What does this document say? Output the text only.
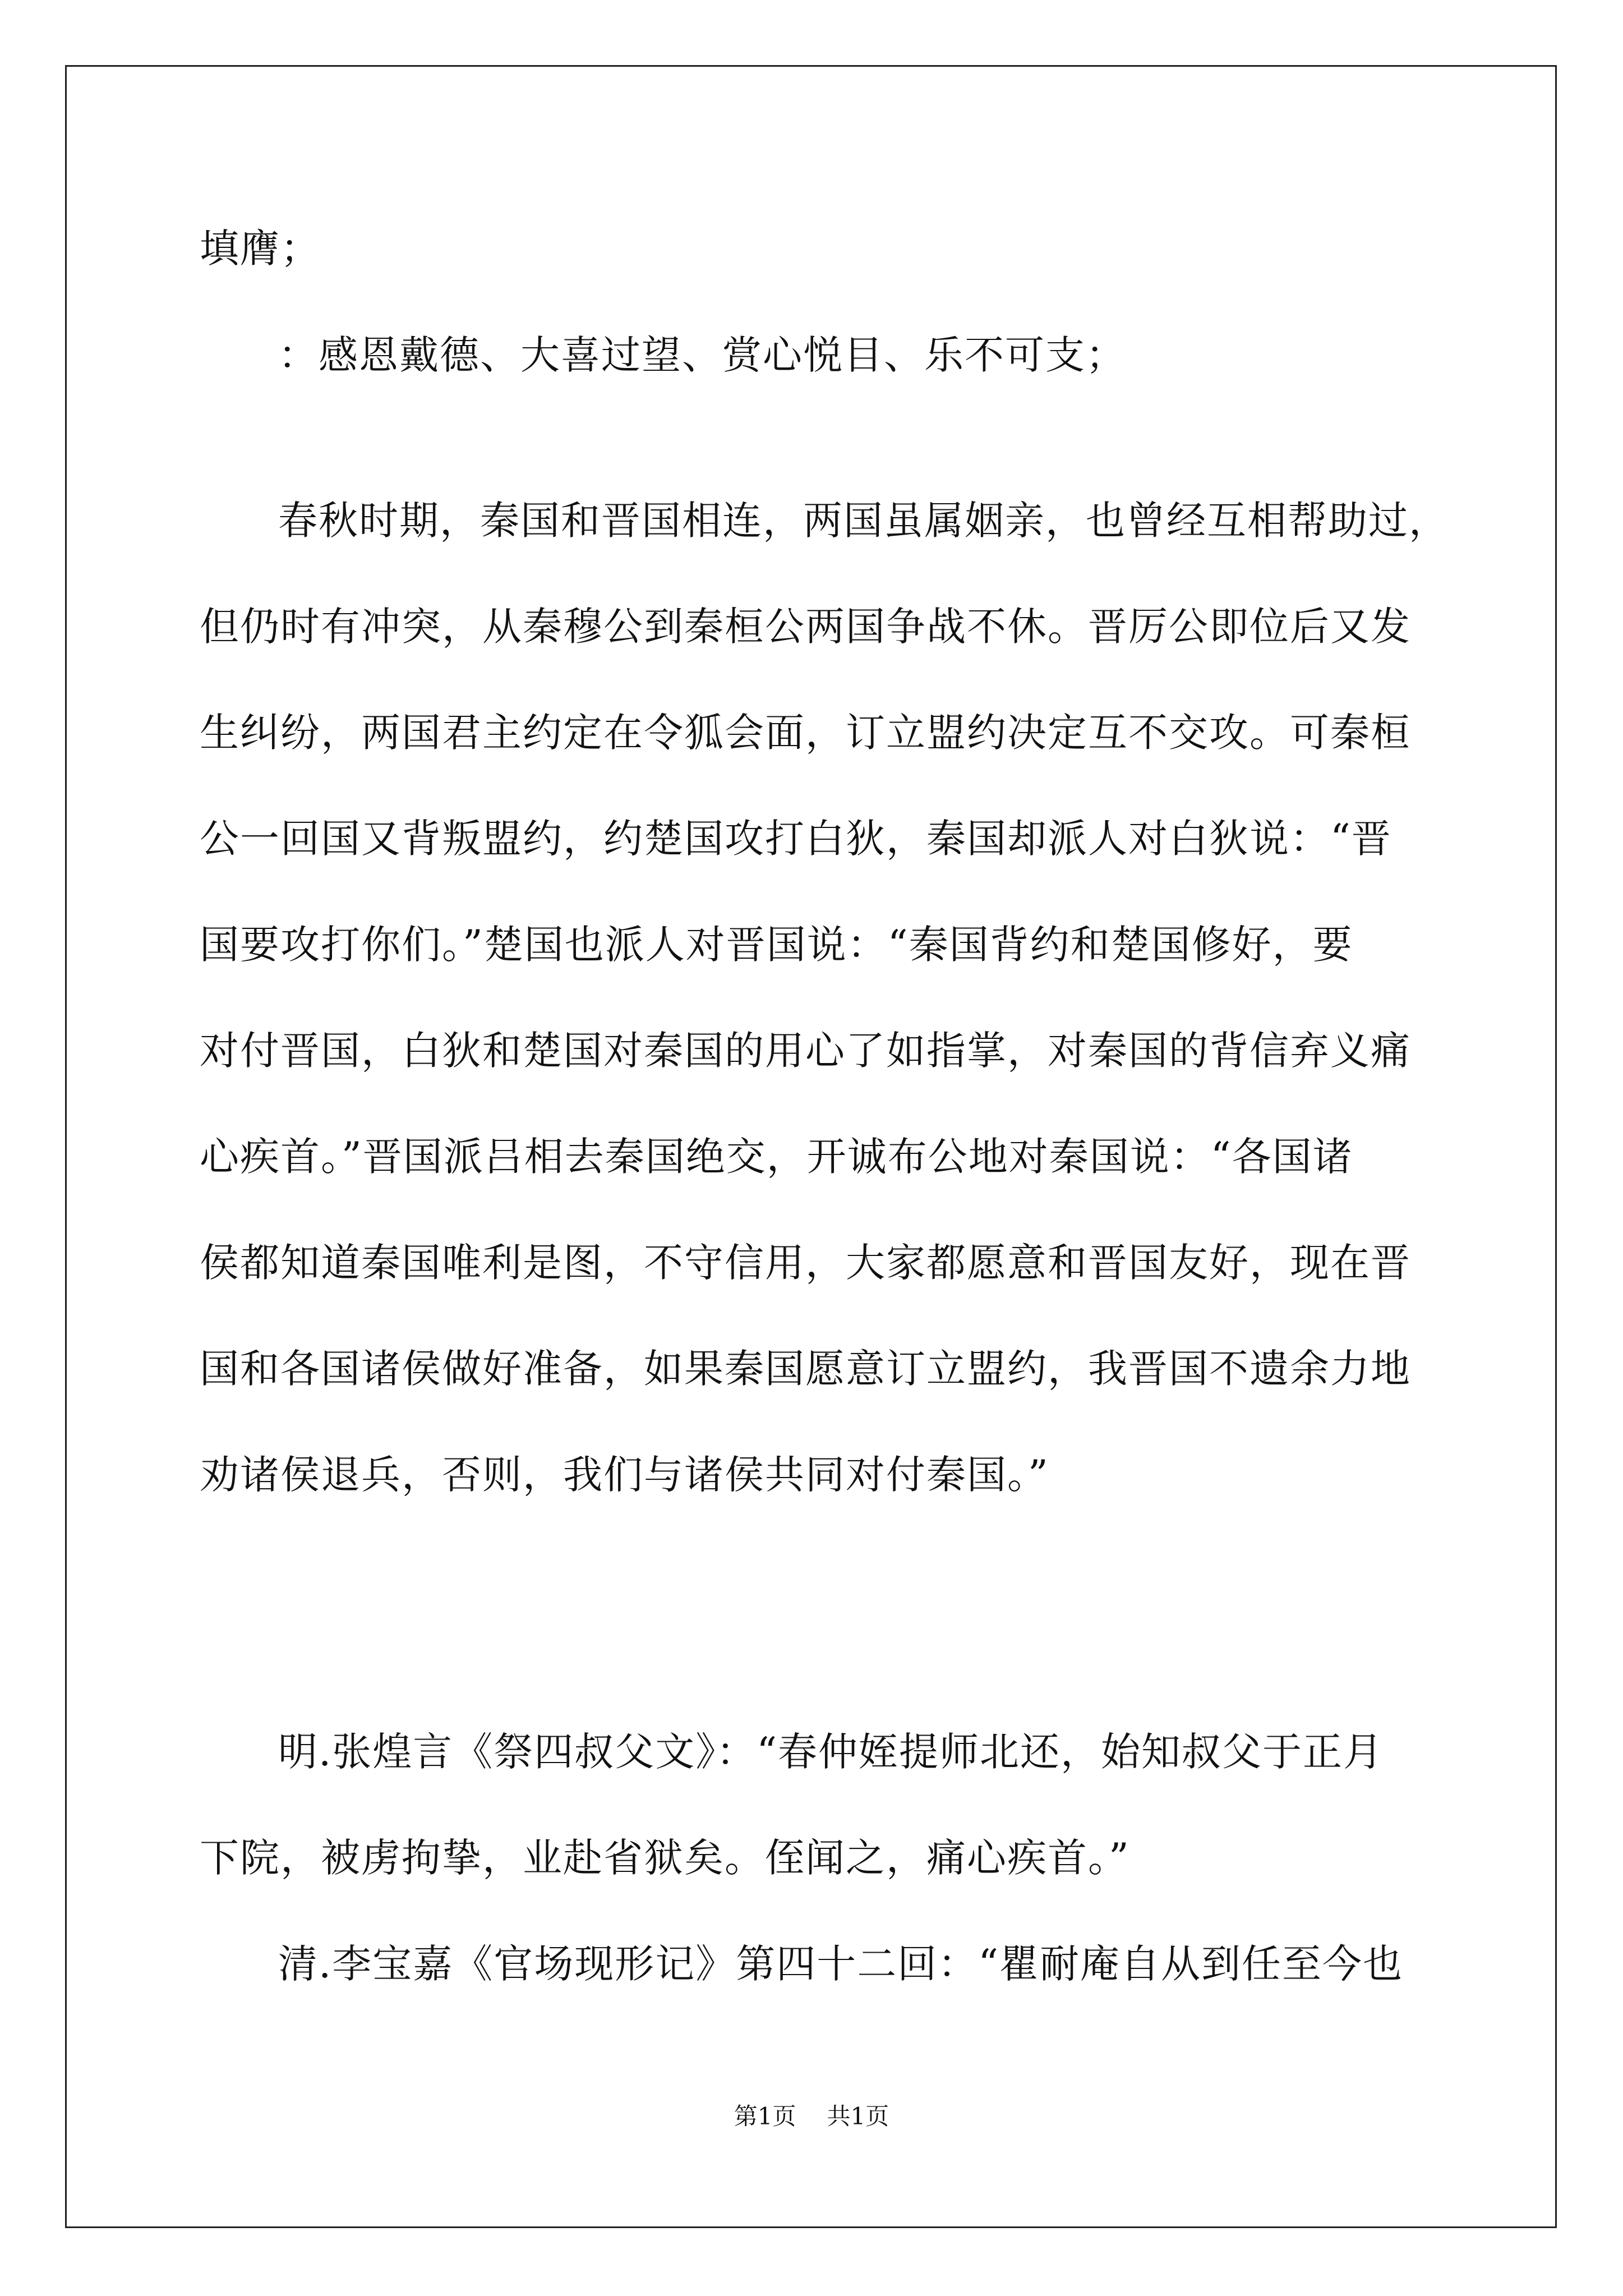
填膺；
：感恩戴德、大喜过望、赏心悦目、乐不可支；
春秋时期，秦国和晋国相连，两国虽属姻亲，也曾经互相帮助过，
但仍时有冲突，从秦穆公到秦桓公两国争战不休。晋厉公即位后又发
生纠纷，两国君主约定在令狐会面，订立盟约决定互不交攻。可秦桓
公一回国又背叛盟约，约楚国攻打白狄，秦国却派人对白狄说：“晋
国要攻打你们。”楚国也派人对晋国说：“秦国背约和楚国修好，要
对付晋国，白狄和楚国对秦国的用心了如指掌，对秦国的背信弃义痛
心疾首。”晋国派吕相去秦国绝交，开诚布公地对秦国说：“各国诸
侯都知道秦国唯利是图，不守信用，大家都愿意和晋国友好，现在晋
国和各国诸侯做好准备，如果秦国愿意订立盟约，我晋国不遗余力地
劝诸侯退兵，否则，我们与诸侯共同对付秦国。”
明.张煌言《祭四叔父文》：“春仲姪提师北还，始知叔父于正月
下院，被虏拘挚，业赴省狱矣。侄闻之，痛心疾首。”
清.李宝嘉《官场现形记》第四十二回：“瞿耐庵自从到任至今也
第1页 共1页
